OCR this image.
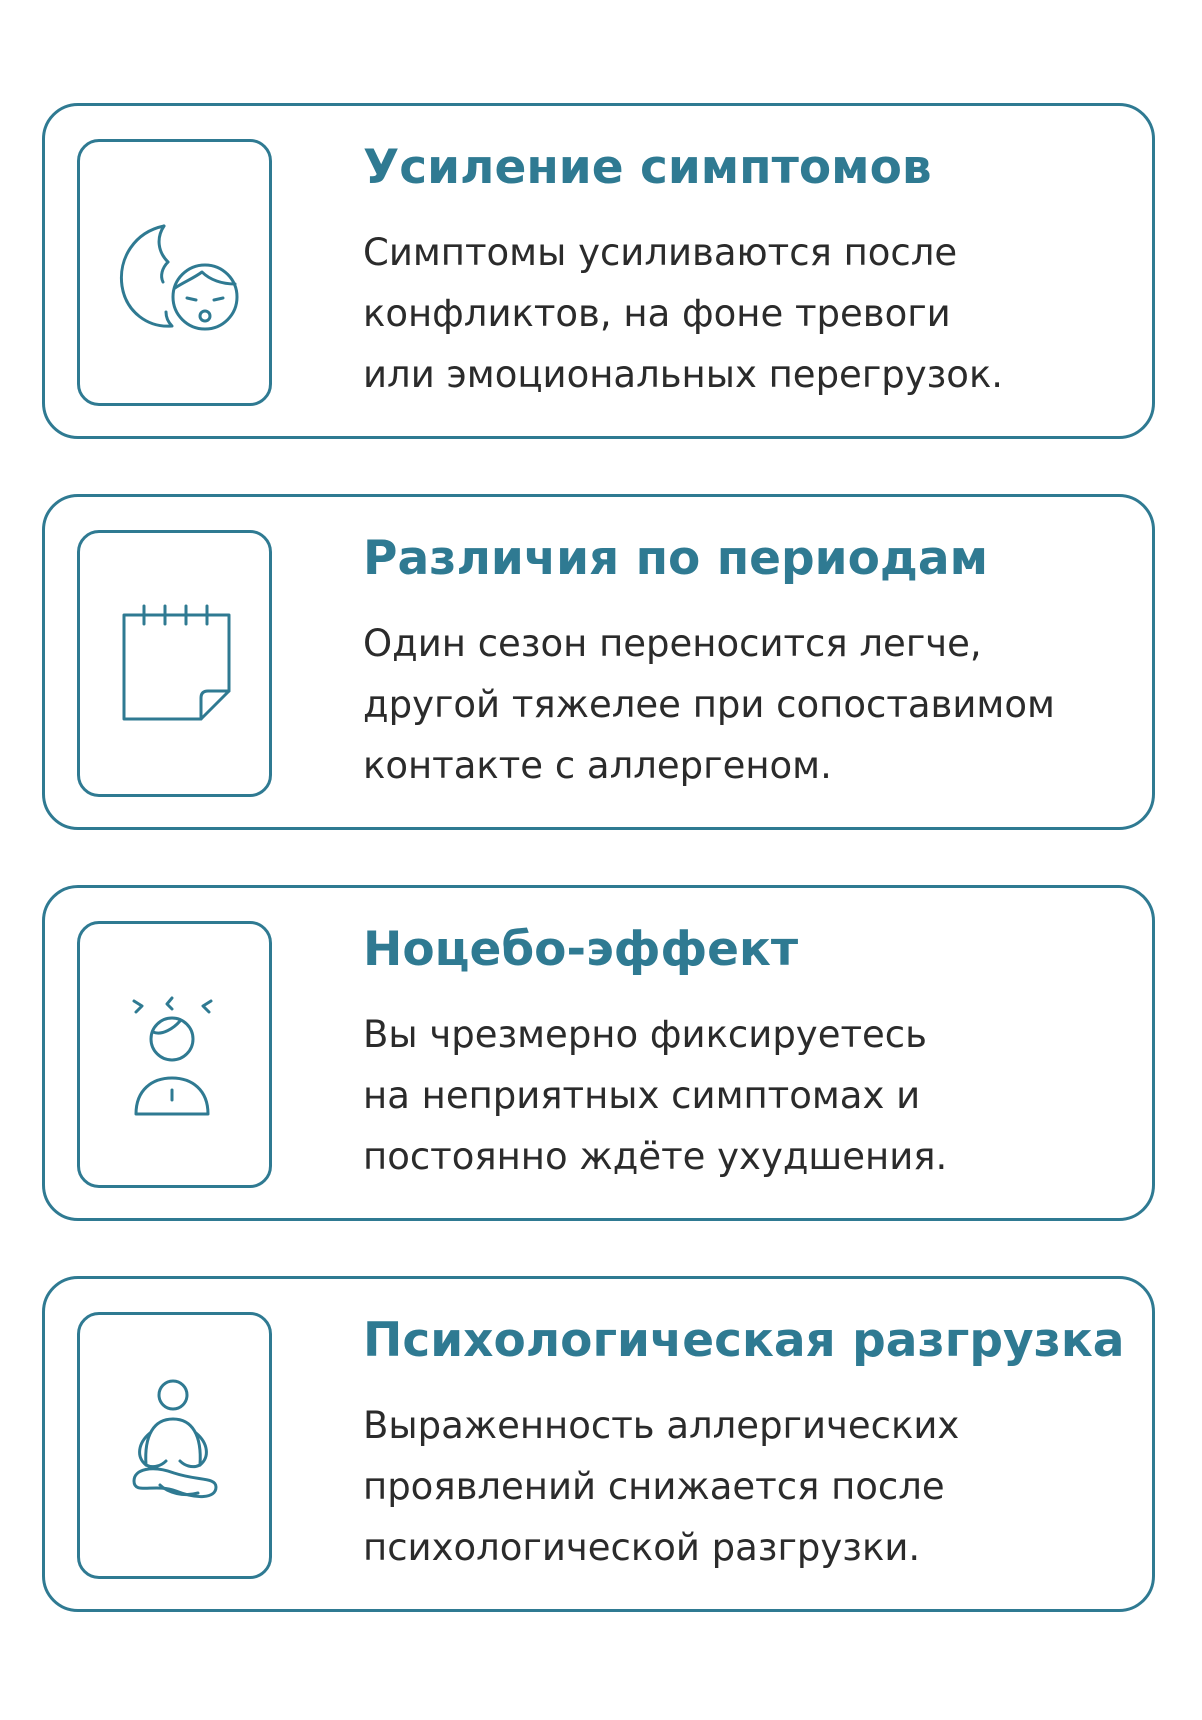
Усиление симптомов

Симптомы усиливаются после
конфликтов, на фоне тревоги
или эмоциональных перегрузок.

Различия по периодам

Один сезон переносится легче,
другой тяжелее при сопоставимом
контакте с аллергеном.

Ноцебо-эффект

Вы чрезмерно фиксируетесь
на неприятных симптомах и
постоянно ждёте ухудшения.

Психологическая разгрузка

Выраженность аллергических
проявлений снижается после
психологической разгрузки.
